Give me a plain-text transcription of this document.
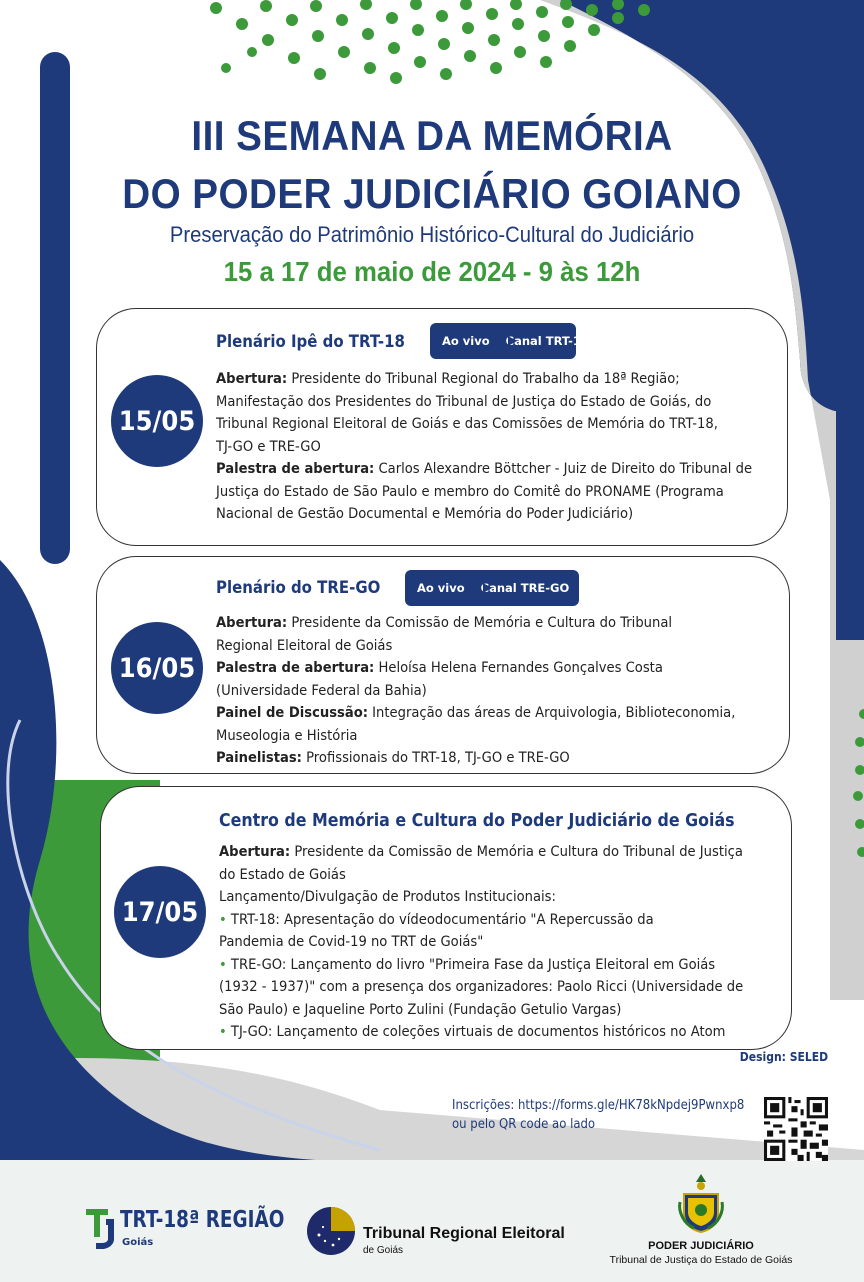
III SEMANA DA MEMÓRIA
DO PODER JUDICIÁRIO GOIANO
Preservação do Patrimônio Histórico-Cultural do Judiciário
15 a 17 de maio de 2024 - 9 às 12h
15/05
Plenário Ipê do TRT-18	Ao vivo Canal TRT-18

Abertura: Presidente do Tribunal Regional do Trabalho da 18ª Região;

Manifestação dos Presidentes do Tribunal de Justiça do Estado de Goiás, do

Tribunal Regional Eleitoral de Goiás e das Comissões de Memória do TRT-18,

TJ-GO e TRE-GO

Palestra de abertura: Carlos Alexandre Böttcher - Juiz de Direito do Tribunal de

Justiça do Estado de São Paulo e membro do Comitê do PRONAME (Programa

Nacional de Gestão Documental e Memória do Poder Judiciário)

16/05
Plenário do TRE-GO	Ao vivo Canal TRE-GO

Abertura: Presidente da Comissão de Memória e Cultura do Tribunal

Regional Eleitoral de Goiás

Palestra de abertura: Heloísa Helena Fernandes Gonçalves Costa

(Universidade Federal da Bahia)

Painel de Discussão: Integração das áreas de Arquivologia, Biblioteconomia,

Museologia e História

Painelistas: Profissionais do TRT-18, TJ-GO e TRE-GO

17/05
Centro de Memória e Cultura do Poder Judiciário de Goiás

Abertura: Presidente da Comissão de Memória e Cultura do Tribunal de Justiça

do Estado de Goiás

Lançamento/Divulgação de Produtos Institucionais:

• TRT-18: Apresentação do vídeodocumentário "A Repercussão da

Pandemia de Covid-19 no TRT de Goiás"

• TRE-GO: Lançamento do livro "Primeira Fase da Justiça Eleitoral em Goiás

(1932 - 1937)" com a presença dos organizadores: Paolo Ricci (Universidade de

São Paulo) e Jaqueline Porto Zulini (Fundação Getulio Vargas)

• TJ-GO: Lançamento de coleções virtuais de documentos históricos no Atom

Design: SELED
Inscrições: https://forms.gle/HK78kNpdej9Pwnxp8
ou pelo QR code ao lado
TRT-18ª REGIÃO
Goiás
Tribunal Regional Eleitoral
de Goiás	PODER JUDICIÁRIO
Tribunal de Justiça do Estado de Goiás
